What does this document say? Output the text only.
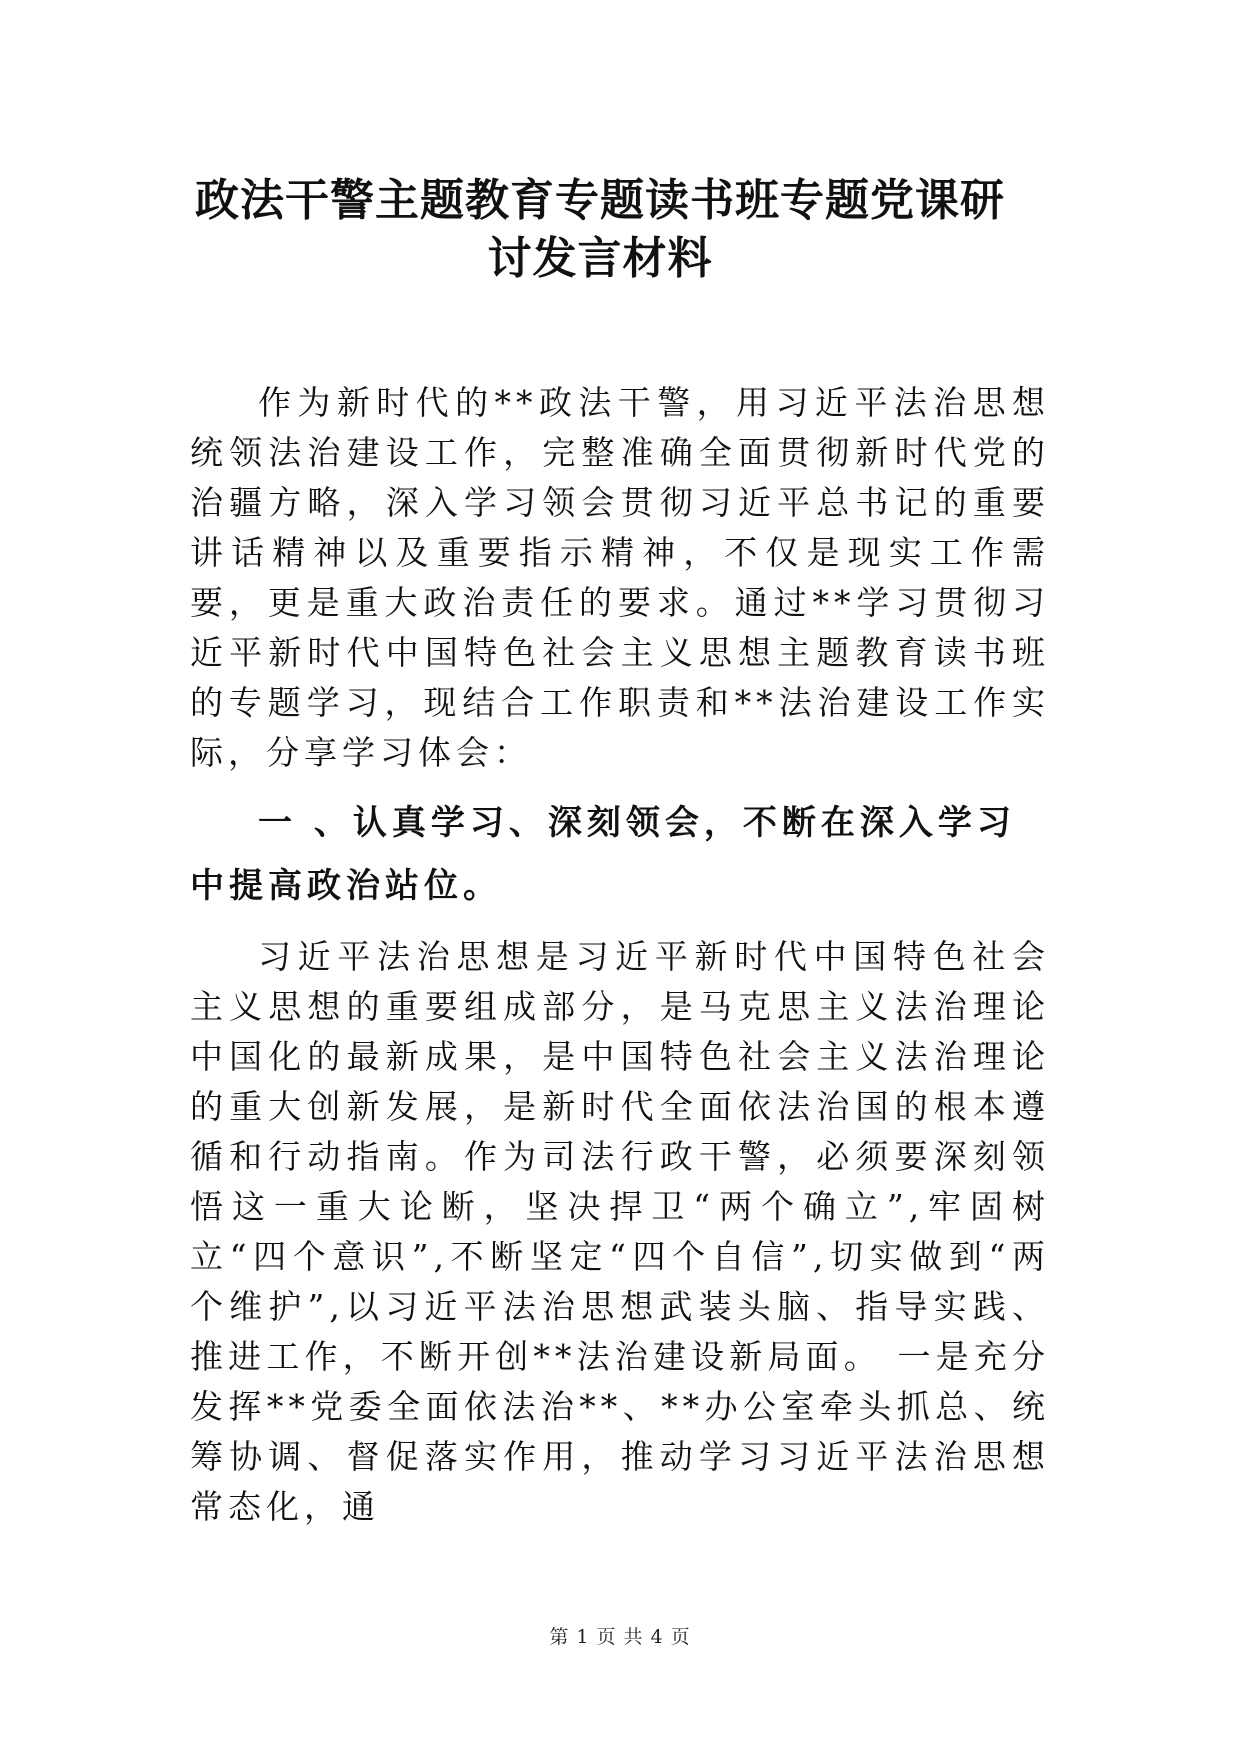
政法干警主题教育专题读书班专题党课研
讨发言材料

作为新时代的**政法干警，用习近平法治思想统领法治建设工作，完整准确全面贯彻新时代党的治疆方略，深入学习领会贯彻习近平总书记的重要讲话精神以及重要指示精神，不仅是现实工作需要，更是重大政治责任的要求。通过**学习贯彻习近平新时代中国特色社会主义思想主题教育读书班的专题学习，现结合工作职责和**法治建设工作实际，分享学习体会：

一 、认真学习、深刻领会，不断在深入学习中提高政治站位。

习近平法治思想是习近平新时代中国特色社会主义思想的重要组成部分，是马克思主义法治理论中国化的最新成果，是中国特色社会主义法治理论的重大创新发展，是新时代全面依法治国的根本遵循和行动指南。作为司法行政干警，必须要深刻领悟这一重大论断，坚决捍卫“两个确立”,牢固树立“四个意识”,不断坚定“四个自信”,切实做到“两个维护”,以习近平法治思想武装头脑、指导实践、推进工作，不断开创**法治建设新局面。 一是充分发挥**党委全面依法治**、**办公室牵头抓总、统筹协调、督促落实作用，推动学习习近平法治思想常态化，通

第 1 页 共 4 页
